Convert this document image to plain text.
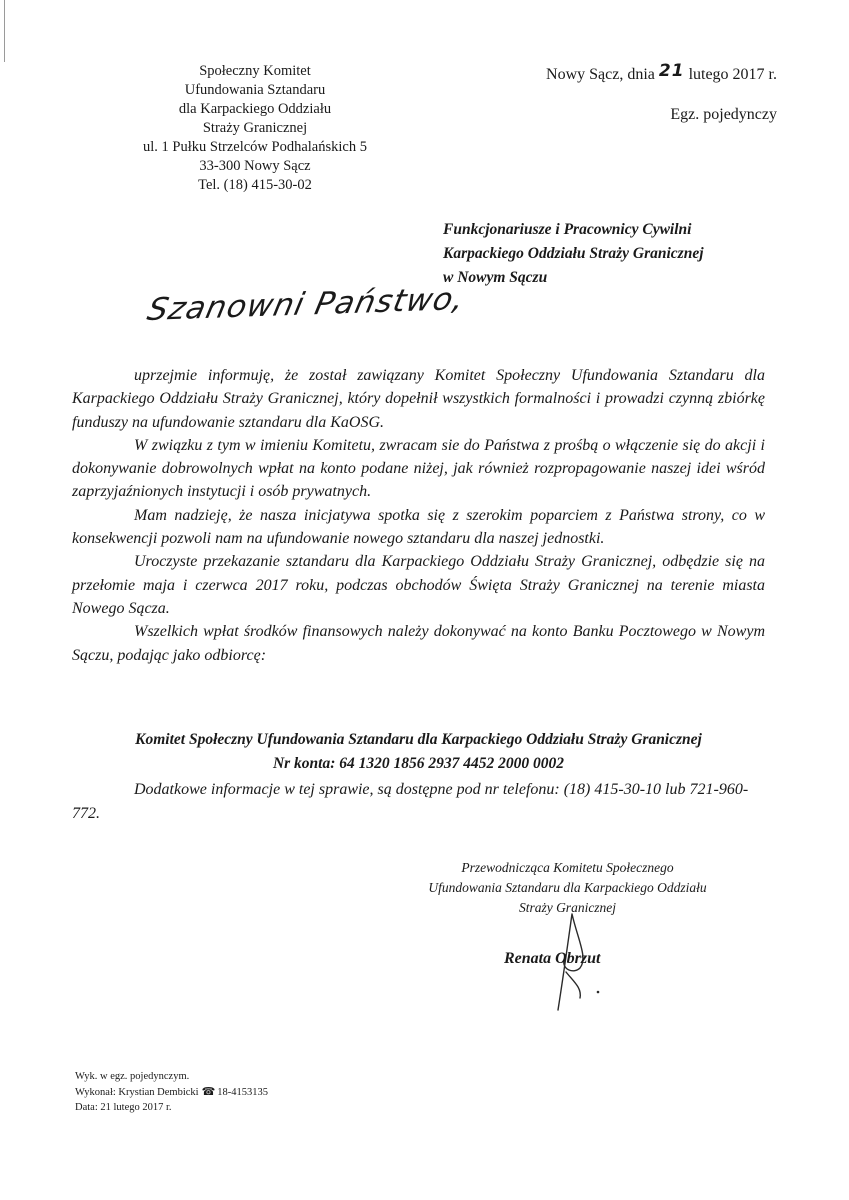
Społeczny Komitet
Ufundowania Sztandaru
dla Karpackiego Oddziału
Straży Granicznej
ul. 1 Pułku Strzelców Podhalańskich 5
33-300 Nowy Sącz
Tel. (18) 415-30-02
Nowy Sącz, dnia 21 lutego 2017 r.
Egz. pojedynczy
Funkcjonariusze i Pracownicy Cywilni
Karpackiego Oddziału Straży Granicznej
w Nowym Sączu
Szanowni Państwo,

uprzejmie informuję, że został zawiązany Komitet Społeczny Ufundowania Sztandaru dla Karpackiego Oddziału Straży Granicznej, który dopełnił wszystkich formalności i prowadzi czynną zbiórkę funduszy na ufundowanie sztandaru dla KaOSG.

W związku z tym w imieniu Komitetu, zwracam sie do Państwa z prośbą o włączenie się do akcji i dokonywanie dobrowolnych wpłat na konto podane niżej, jak również rozpropagowanie naszej idei wśród zaprzyjaźnionych instytucji i osób prywatnych.

Mam nadzieję, że nasza inicjatywa spotka się z szerokim poparciem z Państwa strony, co w konsekwencji pozwoli nam na ufundowanie nowego sztandaru dla naszej jednostki.

Uroczyste przekazanie sztandaru dla Karpackiego Oddziału Straży Granicznej, odbędzie się na przełomie maja i czerwca 2017 roku, podczas obchodów Święta Straży Granicznej na terenie miasta Nowego Sącza.

Wszelkich wpłat środków finansowych należy dokonywać na konto Banku Pocztowego w Nowym Sączu, podając jako odbiorcę:

Komitet Społeczny Ufundowania Sztandaru dla Karpackiego Oddziału Straży Granicznej
Nr konta: 64 1320 1856 2937 4452 2000 0002

Dodatkowe informacje w tej sprawie, są dostępne pod nr telefonu: (18) 415-30-10 lub 721-960-772.

Przewodnicząca Komitetu Społecznego
Ufundowania Sztandaru dla Karpackiego Oddziału
Straży Granicznej
Renata Obrzut
Wyk. w egz. pojedynczym.
Wykonał: Krystian Dembicki ☎ 18-4153135
Data: 21 lutego 2017 r.
